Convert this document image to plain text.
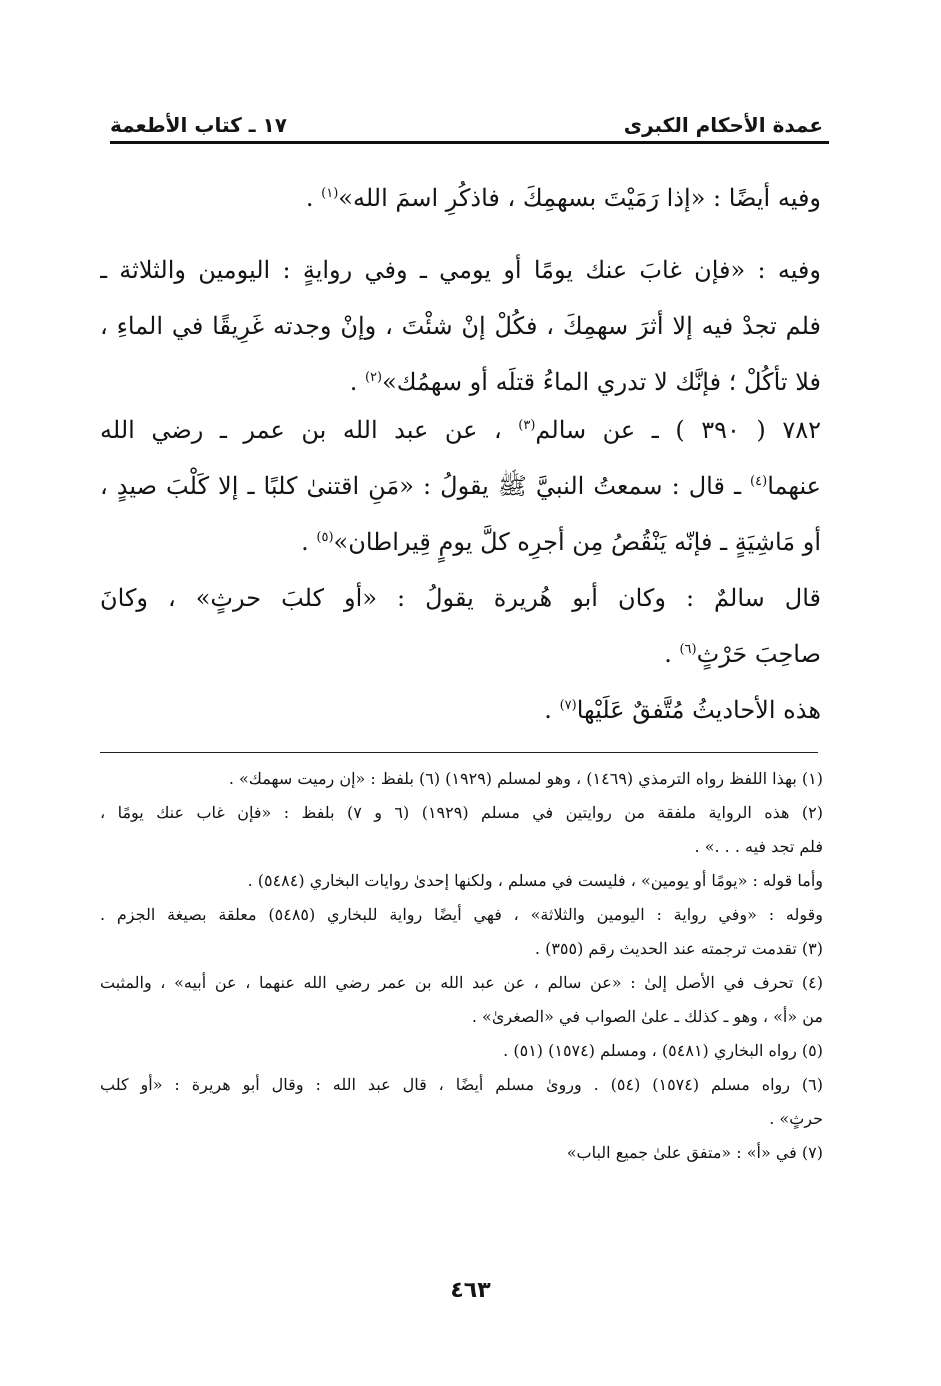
عمدة الأحكام الكبرى
١٧ ـ كتاب الأطعمة
وفيه أيضًا : «إذا رَمَيْتَ بسهمِكَ ، فاذكُرِ اسمَ الله»$^{(١)}$ .
وفيه : «فإن غابَ عنك يومًا أو يومي ـ وفي روايةٍ : اليومين والثلاثة ـ
فلم تجدْ فيه إلا أثرَ سهمِكَ ، فكُلْ إنْ شئْتَ ، وإنْ وجدته غَرِيقًا في الماءِ ،
فلا تأكُلْ ؛ فإنَّك لا تدري الماءُ قتلَه أو سهمُك»$^{(٢)}$ .
٧٨٢ ( ٣٩٠ ) ـ عن سالم$^{(٣)}$ ، عن عبد الله بن عمر ـ رضي الله
عنهما$^{(٤)}$ ـ قال : سمعتُ النبيَّ ﷺ يقولُ : «مَنِ اقتنىٰ كلبًا ـ إلا كَلْبَ صيدٍ ،
أو مَاشِيَةٍ ـ فإنّه يَنْقُصُ مِن أجرِه كلَّ يومٍ قِيراطان»$^{(٥)}$ .
قال سالمٌ : وكان أبو هُريرة يقولُ : «أو كلبَ حرثٍ» ، وكانَ
صاحِبَ حَرْثٍ$^{(٦)}$ .
هذه الأحاديثُ مُتَّفقٌ عَلَيْها$^{(٧)}$ .
(١) بهذا اللفظ رواه الترمذي (١٤٦٩) ، وهو لمسلم (١٩٢٩) (٦) بلفظ : «إن رميت سهمك» .
(٢) هذه الرواية ملفقة من روايتين في مسلم (١٩٢٩) (٦ و ٧) بلفظ : «فإن غاب عنك يومًا ،
فلم تجد فيه . . .» .
وأما قوله : «يومًا أو يومين» ، فليست في مسلم ، ولكنها إحدىٰ روايات البخاري (٥٤٨٤) .
وقوله : «وفي رواية : اليومين والثلاثة» ، فهي أيضًا رواية للبخاري (٥٤٨٥) معلقة بصيغة الجزم .
(٣) تقدمت ترجمته عند الحديث رقم (٣٥٥) .
(٤) تحرف في الأصل إلىٰ : «عن سالم ، عن عبد الله بن عمر رضي الله عنهما ، عن أبيه» ، والمثبت
من «أ» ، وهو ـ كذلك ـ علىٰ الصواب في «الصغرىٰ» .
(٥) رواه البخاري (٥٤٨١) ، ومسلم (١٥٧٤) (٥١) .
(٦) رواه مسلم (١٥٧٤) (٥٤) . وروىٰ مسلم أيضًا ، قال عبد الله : وقال أبو هريرة : «أو كلب
حرثٍ» .
(٧) في «أ» : «متفق علىٰ جميع الباب»
٤٦٣
